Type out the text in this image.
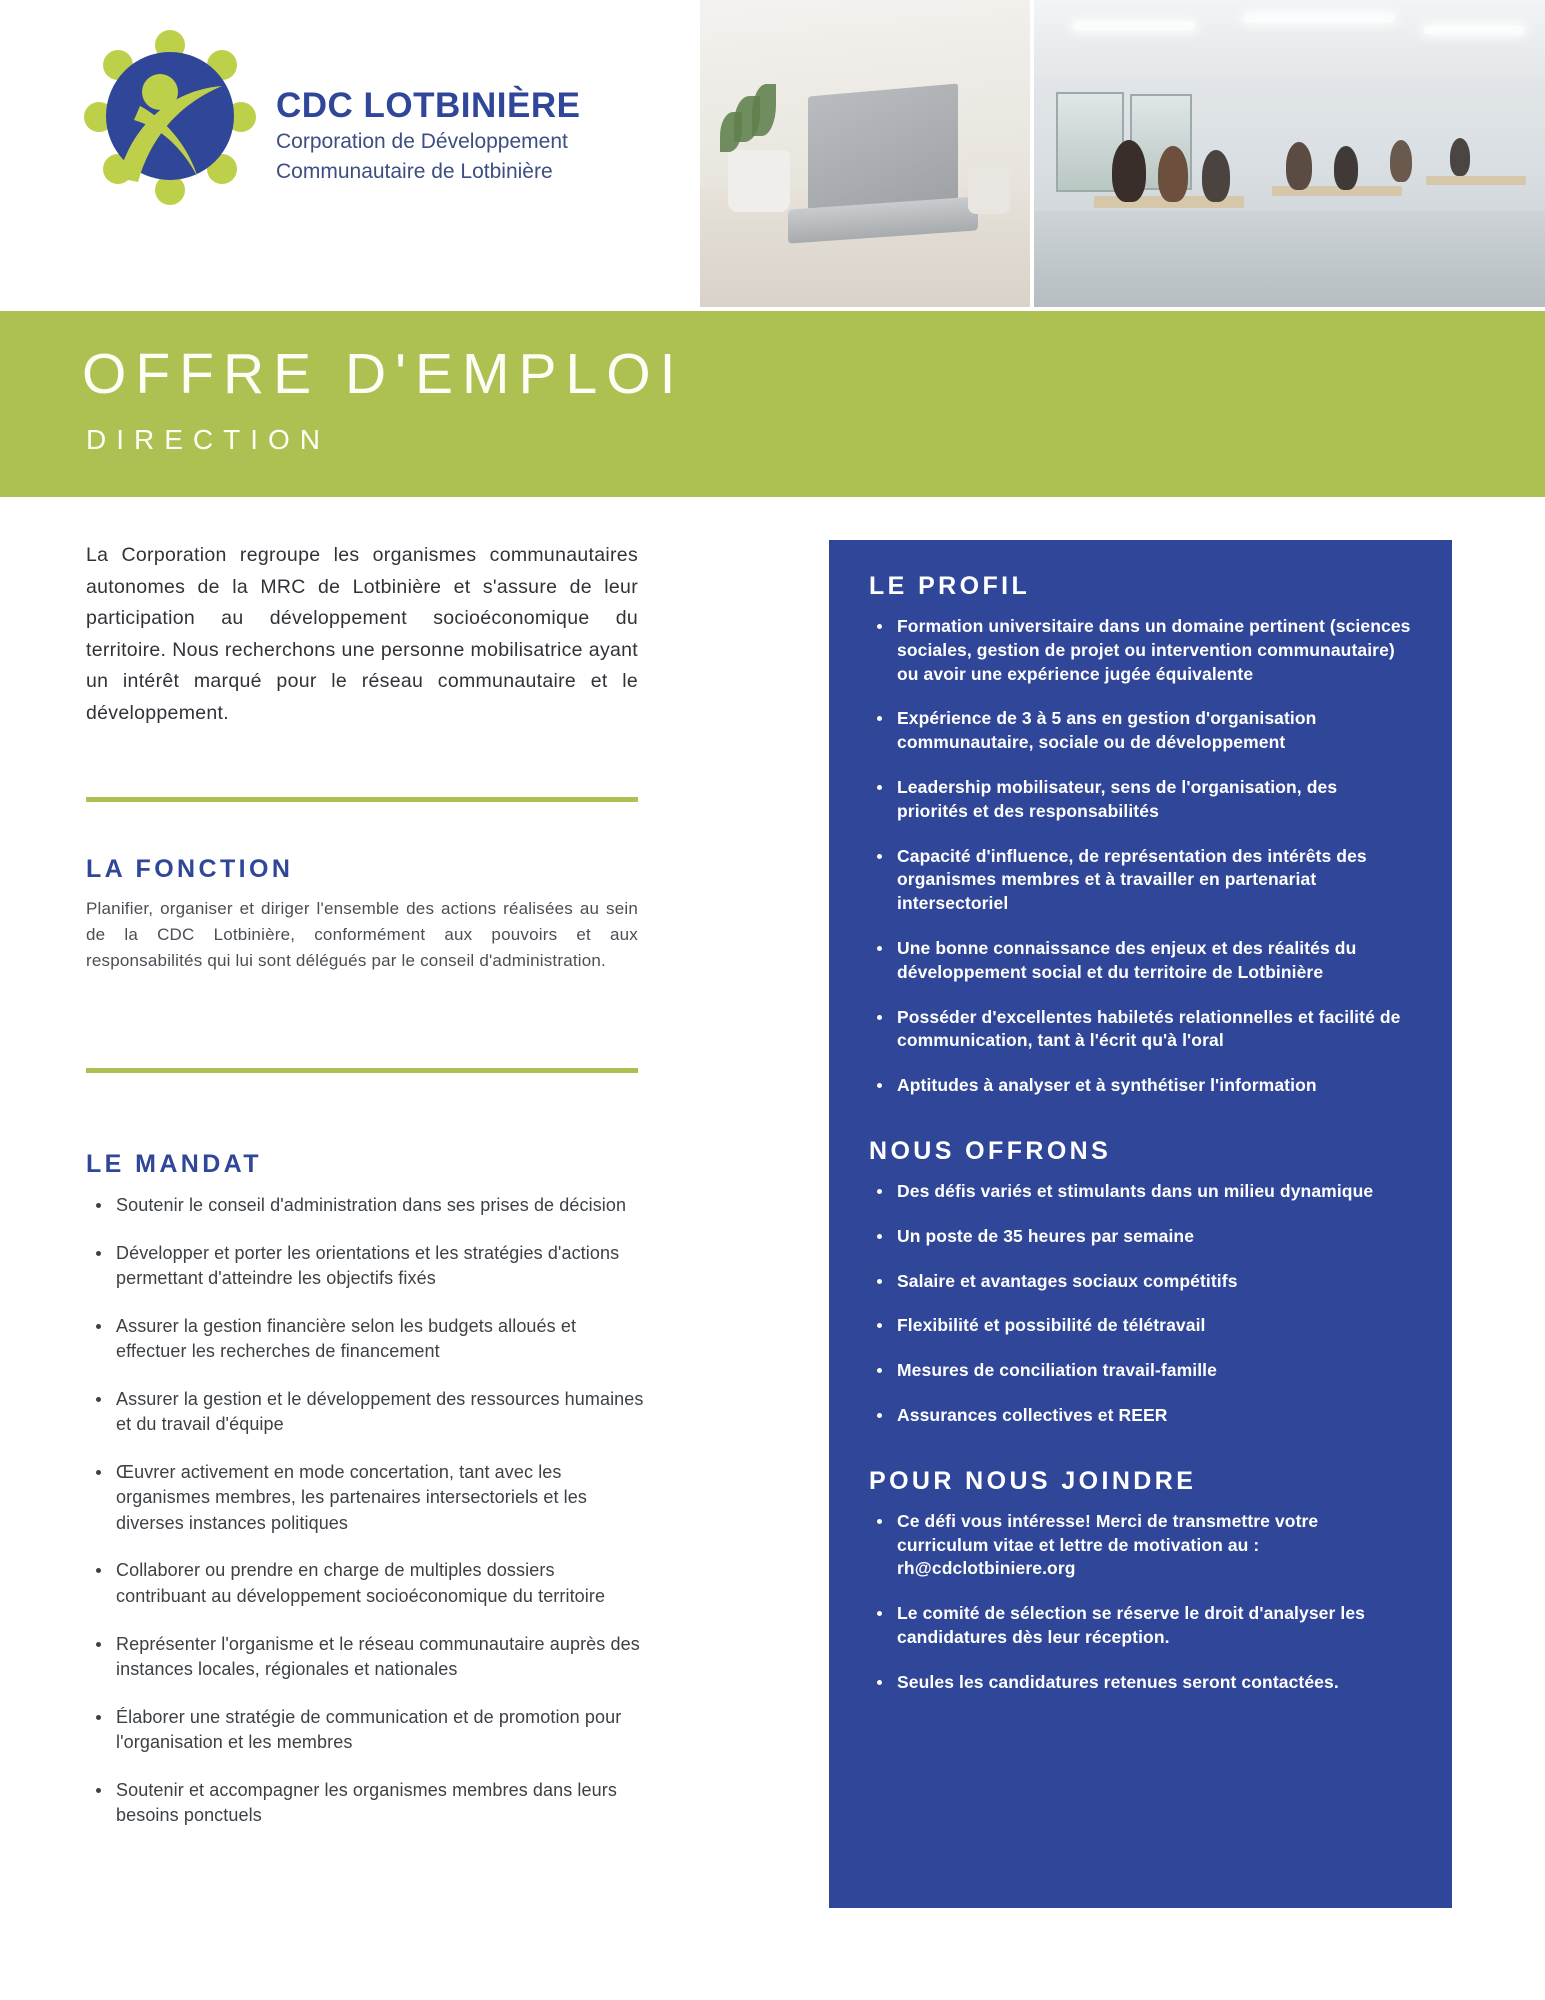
CDC LOTBINIÈRE
Corporation de Développement
Communautaire de Lotbinière
OFFRE D'EMPLOI
DIRECTION
La Corporation regroupe les organismes communautaires autonomes de la MRC de Lotbinière et s'assure de leur participation au développement socioéconomique du territoire. Nous recherchons une personne mobilisatrice ayant un intérêt marqué pour le réseau communautaire et le développement.
LA FONCTION
Planifier, organiser et diriger l'ensemble des actions réalisées au sein de la CDC Lotbinière, conformément aux pouvoirs et aux responsabilités qui lui sont délégués par le conseil d'administration.
LE MANDAT
Soutenir le conseil d'administration dans ses prises de décision
Développer et porter les orientations et les stratégies d'actions permettant d'atteindre les objectifs fixés
Assurer la gestion financière selon les budgets alloués et effectuer les recherches de financement
Assurer la gestion et le développement des ressources humaines et du travail d'équipe
Œuvrer activement en mode concertation, tant avec les organismes membres, les partenaires intersectoriels et les diverses instances politiques
Collaborer ou prendre en charge de multiples dossiers contribuant au développement socioéconomique du territoire
Représenter l'organisme et le réseau communautaire auprès des instances locales, régionales et nationales
Élaborer une stratégie de communication et de promotion pour l'organisation et les membres
Soutenir et accompagner les organismes membres dans leurs besoins ponctuels
LE PROFIL
Formation universitaire dans un domaine pertinent (sciences sociales, gestion de projet ou intervention communautaire) ou avoir une expérience jugée équivalente
Expérience de 3 à 5 ans en gestion d'organisation communautaire, sociale ou de développement
Leadership mobilisateur, sens de l'organisation, des priorités et des responsabilités
Capacité d'influence, de représentation des intérêts des organismes membres et à travailler en partenariat intersectoriel
Une bonne connaissance des enjeux et des réalités du développement social et du territoire de Lotbinière
Posséder d'excellentes habiletés relationnelles et facilité de communication, tant à l'écrit qu'à l'oral
Aptitudes à analyser et à synthétiser l'information
NOUS OFFRONS
Des défis variés et stimulants dans un milieu dynamique
Un poste de 35 heures par semaine
Salaire et avantages sociaux compétitifs
Flexibilité et possibilité de télétravail
Mesures de conciliation travail-famille
Assurances collectives et REER
POUR NOUS JOINDRE
Ce défi vous intéresse! Merci de transmettre votre curriculum vitae et lettre de motivation au : rh@cdclotbiniere.org
Le comité de sélection se réserve le droit d'analyser les candidatures dès leur réception.
Seules les candidatures retenues seront contactées.
